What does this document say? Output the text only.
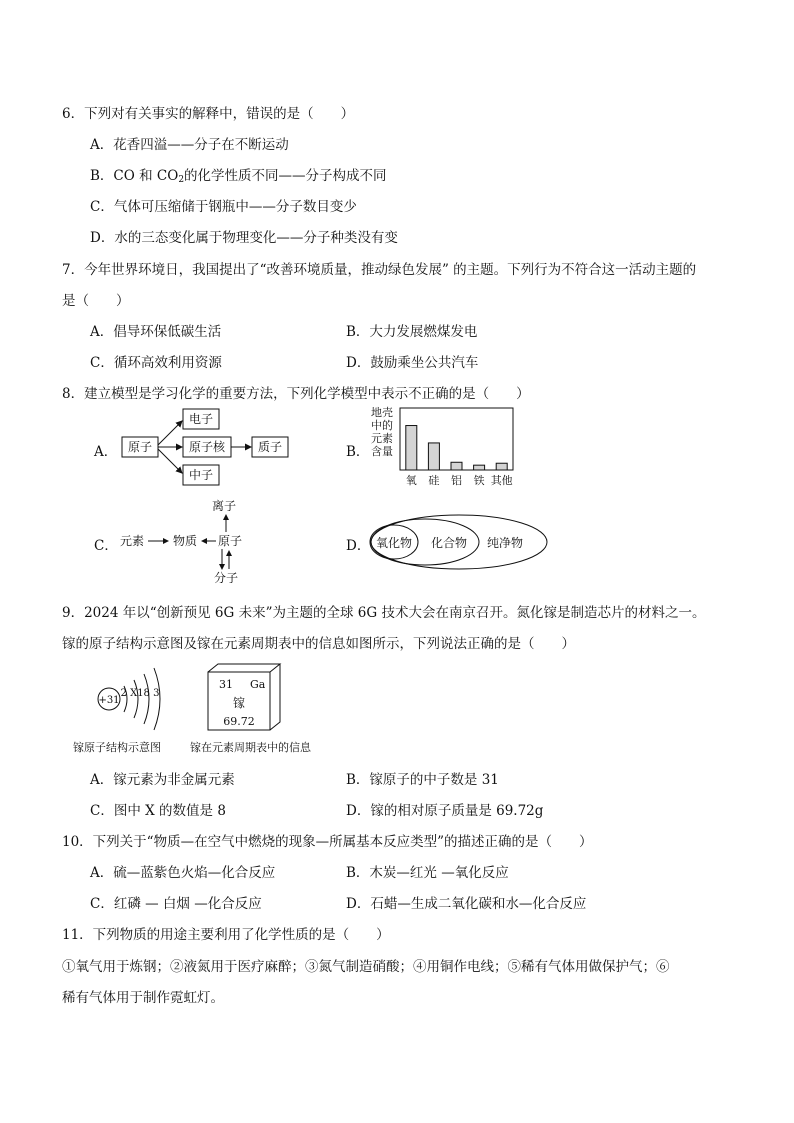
6．下列对有关事实的解释中，错误的是（　　）
A．花香四溢——分子在不断运动
B．CO 和 $CO_2$的化学性质不同——分子构成不同
C．气体可压缩储于钢瓶中——分子数目变少
D．水的三态变化属于物理变化——分子种类没有变
7．今年世界环境日，我国提出了“改善环境质量，推动绿色发展” 的主题。下列行为不符合这一活动主题的
是（　　）
A．倡导环保低碳生活	B．大力发展燃煤发电
C．循环高效利用资源	D．鼓励乘坐公共汽车
8．建立模型是学习化学的重要方法，下列化学模型中表示不正确的是（　　）
A． 原子
电子
原子核
中子
质子	B．
地壳
中的
元素
含量
氧 硅 铝 铁 其他
C． 元素 物质
离子
原子
分子
D． 氧化物 化合物 纯净物
9．2024 年以“创新预见 6G 未来”为主题的全球 6G 技术大会在南京召开。氮化镓是制造芯片的材料之一。
镓的原子结构示意图及镓在元素周期表中的信息如图所示，下列说法正确的是（　　）
+31
2 X18 3
镓原子结构示意图
31 Ga
镓
69.72
镓在元素周期表中的信息
A．镓元素为非金属元素	B．镓原子的中子数是 31
C．图中 X 的数值是 8	D．镓的相对原子质量是 69.72g
10．下列关于“物质—在空气中燃烧的现象—所属基本反应类型”的描述正确的是（　　）
A．硫—蓝紫色火焰—化合反应	B．木炭—红光 —氧化反应
C．红磷 — 白烟 —化合反应	D．石蜡—生成二氧化碳和水—化合反应
11．下列物质的用途主要利用了化学性质的是（　　）
①氧气用于炼钢；②液氮用于医疗麻醉；③氮气制造硝酸；④用铜作电线；⑤稀有气体用做保护气；⑥
稀有气体用于制作霓虹灯。
